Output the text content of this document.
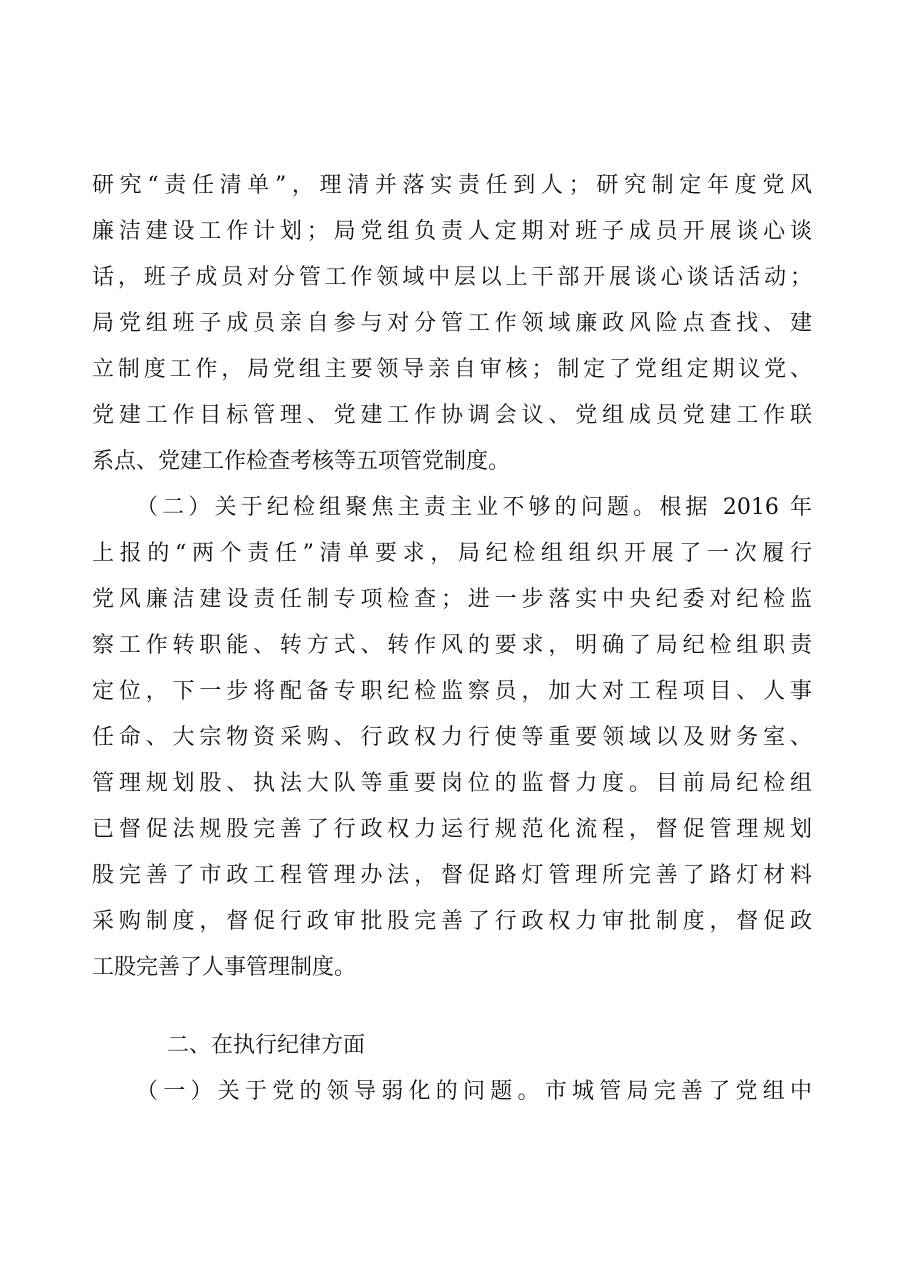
研究“责任清单”，理清并落实责任到人；研究制定年度党风
廉洁建设工作计划；局党组负责人定期对班子成员开展谈心谈
话，班子成员对分管工作领域中层以上干部开展谈心谈话活动；
局党组班子成员亲自参与对分管工作领域廉政风险点查找、建
立制度工作，局党组主要领导亲自审核；制定了党组定期议党、
党建工作目标管理、党建工作协调会议、党组成员党建工作联
系点、党建工作检查考核等五项管党制度。
（二）关于纪检组聚焦主责主业不够的问题。根据 2016 年
上报的“两个责任”清单要求，局纪检组组织开展了一次履行
党风廉洁建设责任制专项检查；进一步落实中央纪委对纪检监
察工作转职能、转方式、转作风的要求，明确了局纪检组职责
定位，下一步将配备专职纪检监察员，加大对工程项目、人事
任命、大宗物资采购、行政权力行使等重要领域以及财务室、
管理规划股、执法大队等重要岗位的监督力度。目前局纪检组
已督促法规股完善了行政权力运行规范化流程，督促管理规划
股完善了市政工程管理办法，督促路灯管理所完善了路灯材料
采购制度，督促行政审批股完善了行政权力审批制度，督促政
工股完善了人事管理制度。
二、在执行纪律方面
（一）关于党的领导弱化的问题。市城管局完善了党组中
